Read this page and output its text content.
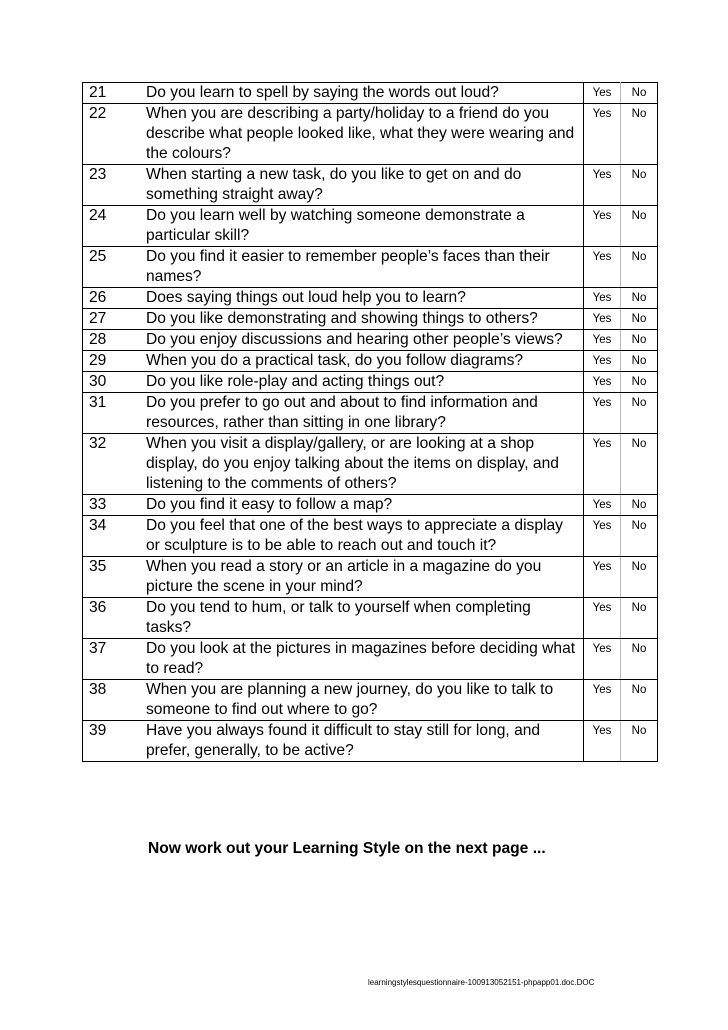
21	Do you learn to spell by saying the words out loud?	Yes	No
22	When you are describing a party/holiday to a friend do you describe what people looked like, what they were wearing and the colours?	Yes	No
23	When starting a new task, do you like to get on and do something straight away?	Yes	No
24	Do you learn well by watching someone demonstrate a particular skill?	Yes	No
25	Do you find it easier to remember people’s faces than their names?	Yes	No
26	Does saying things out loud help you to learn?	Yes	No
27	Do you like demonstrating and showing things to others?	Yes	No
28	Do you enjoy discussions and hearing other people’s views?	Yes	No
29	When you do a practical task, do you follow diagrams?	Yes	No
30	Do you like role-play and acting things out?	Yes	No
31	Do you prefer to go out and about to find information and resources, rather than sitting in one library?	Yes	No
32	When you visit a display/gallery, or are looking at a shop display, do you enjoy talking about the items on display, and listening to the comments of others?	Yes	No
33	Do you find it easy to follow a map?	Yes	No
34	Do you feel that one of the best ways to appreciate a display or sculpture is to be able to reach out and touch it?	Yes	No
35	When you read a story or an article in a magazine do you picture the scene in your mind?	Yes	No
36	Do you tend to hum, or talk to yourself when completing tasks?	Yes	No
37	Do you look at the pictures in magazines before deciding what to read?	Yes	No
38	When you are planning a new journey, do you like to talk to someone to find out where to go?	Yes	No
39	Have you always found it difficult to stay still for long, and prefer, generally, to be active?	Yes	No
Now work out your Learning Style on the next page ...
learningstylesquestionnaire-100913052151-phpapp01.doc.DOC
